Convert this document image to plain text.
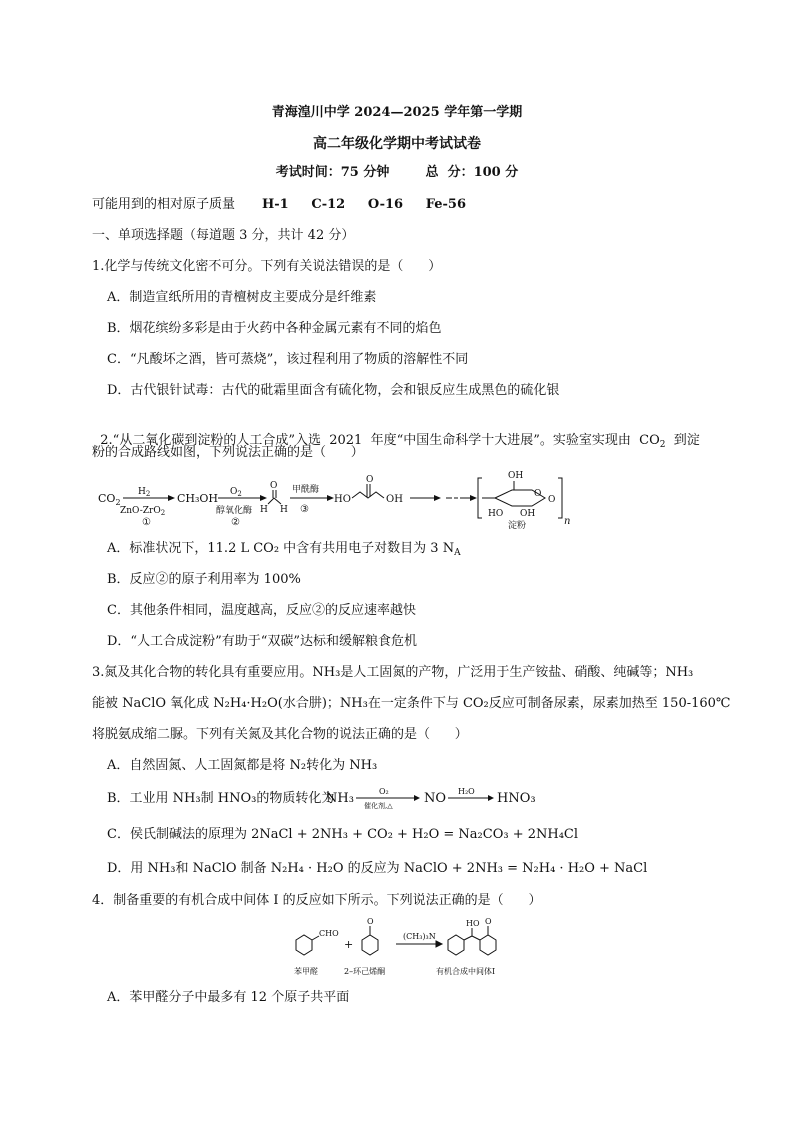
青海湟川中学 2024—2025 学年第一学期
高二年级化学期中考试试卷
考试时间：75 分钟        总  分：100 分
可能用到的相对原子质量 H-1     C-12     O-16     Fe-56
一、单项选择题（每道题 3 分，共计 42 分）
1.化学与传统文化密不可分。下列有关说法错误的是（      ）
A．制造宣纸所用的青檀树皮主要成分是纤维素
B．烟花缤纷多彩是由于火药中各种金属元素有不同的焰色
C．“凡酸坏之酒，皆可蒸烧”，该过程利用了物质的溶解性不同
D．古代银针试毒：古代的砒霜里面含有硫化物，会和银反应生成黑色的硫化银

2.“从二氧化碳到淀粉的人工合成”入选  2021  年度“中国生命科学十大进展”。实验室实现由  $CO_2$  到淀

粉的合成路线如图，下列说法正确的是（      ）
$CO_2$
$H_2$
ZnO-ZrO$_2$
①
CH₃OH $O_2$
醇氧化酶
②
O
H H
甲酰酶
③
HO
O
OH
OH
HO OH
O
O
淀粉	n
A．标准状况下，11.2 L CO₂ 中含有共用电子对数目为 3 $N_A$
B．反应②的原子利用率为 100%
C．其他条件相同，温度越高，反应②的反应速率越快
D．“人工合成淀粉”有助于“双碳”达标和缓解粮食危机
3.氮及其化合物的转化具有重要应用。NH₃是人工固氮的产物，广泛用于生产铵盐、硝酸、纯碱等；NH₃
能被 NaClO 氧化成 N₂H₄·H₂O(水合肼)；NH₃在一定条件下与 CO₂反应可制备尿素，尿素加热至 150-160℃
将脱氨成缩二脲。下列有关氮及其化合物的说法正确的是（      ）
A．自然固氮、人工固氮都是将 N₂转化为 NH₃
B．工业用 NH₃制 HNO₃的物质转化为
NH₃	O₂
催化剂,△ NO H₂O HNO₃
C．侯氏制碱法的原理为 2NaCl + 2NH₃ + CO₂ + H₂O = Na₂CO₃ + 2NH₄Cl
D．用 NH₃和 NaClO 制备 N₂H₄ · H₂O 的反应为 NaClO + 2NH₃ = N₂H₄ · H₂O + NaCl
4．制备重要的有机合成中间体 I 的反应如下所示。下列说法正确的是（      ）
CHO
+
O
(CH₃)₃N
HO O
苯甲醛	2–环己烯酮	有机合成中间体I
A．苯甲醛分子中最多有 12 个原子共平面
